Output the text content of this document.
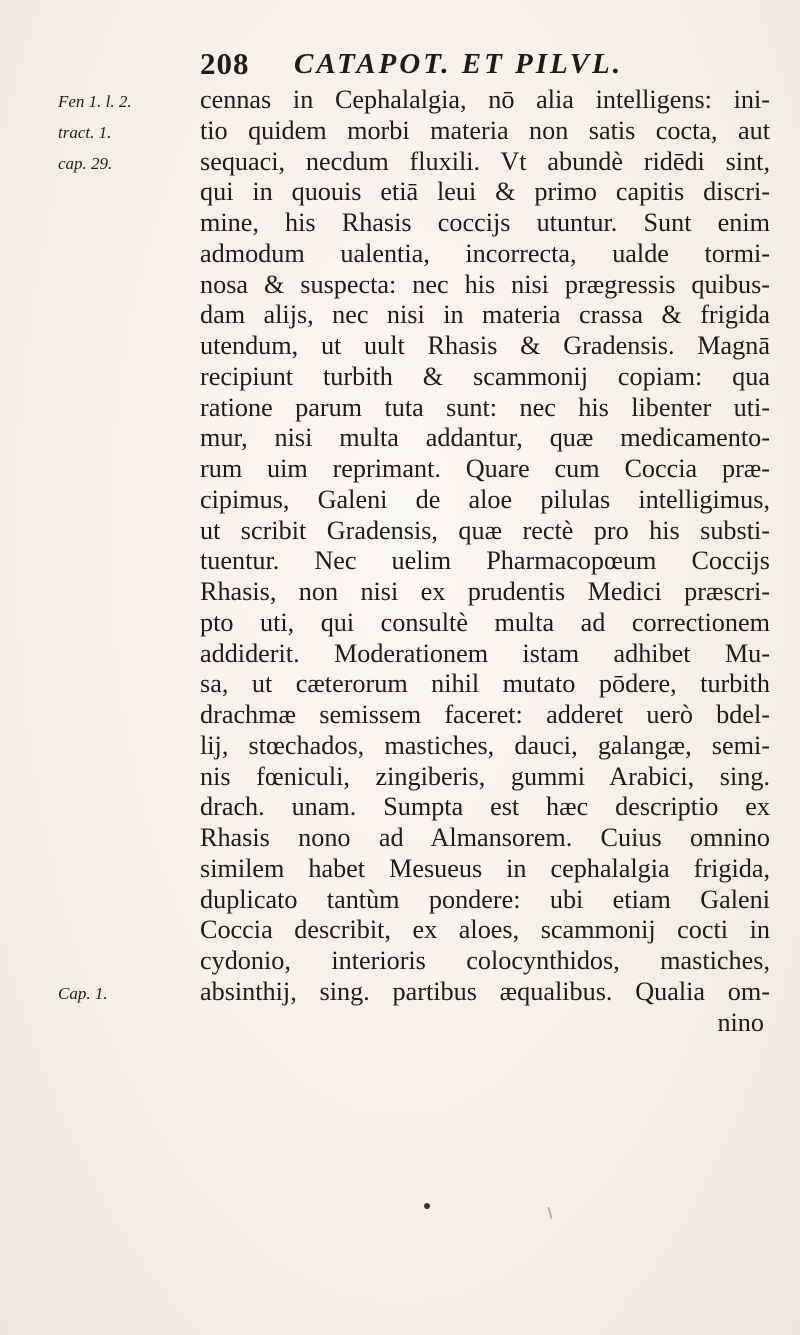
208 CATAPOT. ET PILVL.
Fen 1. l. 2.
tract. 1.
cap. 29.
Cap. 1.
cennas in Cephalalgia, nō alia intelligens: ini-
tio quidem morbi materia non satis cocta, aut
sequaci, necdum fluxili. Vt abundè ridēdi sint,
qui in quouis etiā leui & primo capitis discri-
mine, his Rhasis coccijs utuntur. Sunt enim
admodum ualentia, incorrecta, ualde tormi-
nosa & suspecta: nec his nisi prægressis quibus-
dam alijs, nec nisi in materia crassa & frigida
utendum, ut uult Rhasis & Gradensis. Magnā
recipiunt turbith & scammonij copiam: qua
ratione parum tuta sunt: nec his libenter uti-
mur, nisi multa addantur, quæ medicamento-
rum uim reprimant. Quare cum Coccia præ-
cipimus, Galeni de aloe pilulas intelligimus,
ut scribit Gradensis, quæ rectè pro his substi-
tuentur. Nec uelim Pharmacopœum Coccijs
Rhasis, non nisi ex prudentis Medici præscri-
pto uti, qui consultè multa ad correctionem
addiderit. Moderationem istam adhibet Mu-
sa, ut cæterorum nihil mutato pōdere, turbith
drachmæ semissem faceret: adderet uerò bdel-
lij, stœchados, mastiches, dauci, galangæ, semi-
nis fœniculi, zingiberis, gummi Arabici, sing.
drach. unam. Sumpta est hæc descriptio ex
Rhasis nono ad Almansorem. Cuius omnino
similem habet Mesueus in cephalalgia frigida,
duplicato tantùm pondere: ubi etiam Galeni
Coccia describit, ex aloes, scammonij cocti in
cydonio, interioris colocynthidos, mastiches,
absinthij, sing. partibus æqualibus. Qualia om-
nino
